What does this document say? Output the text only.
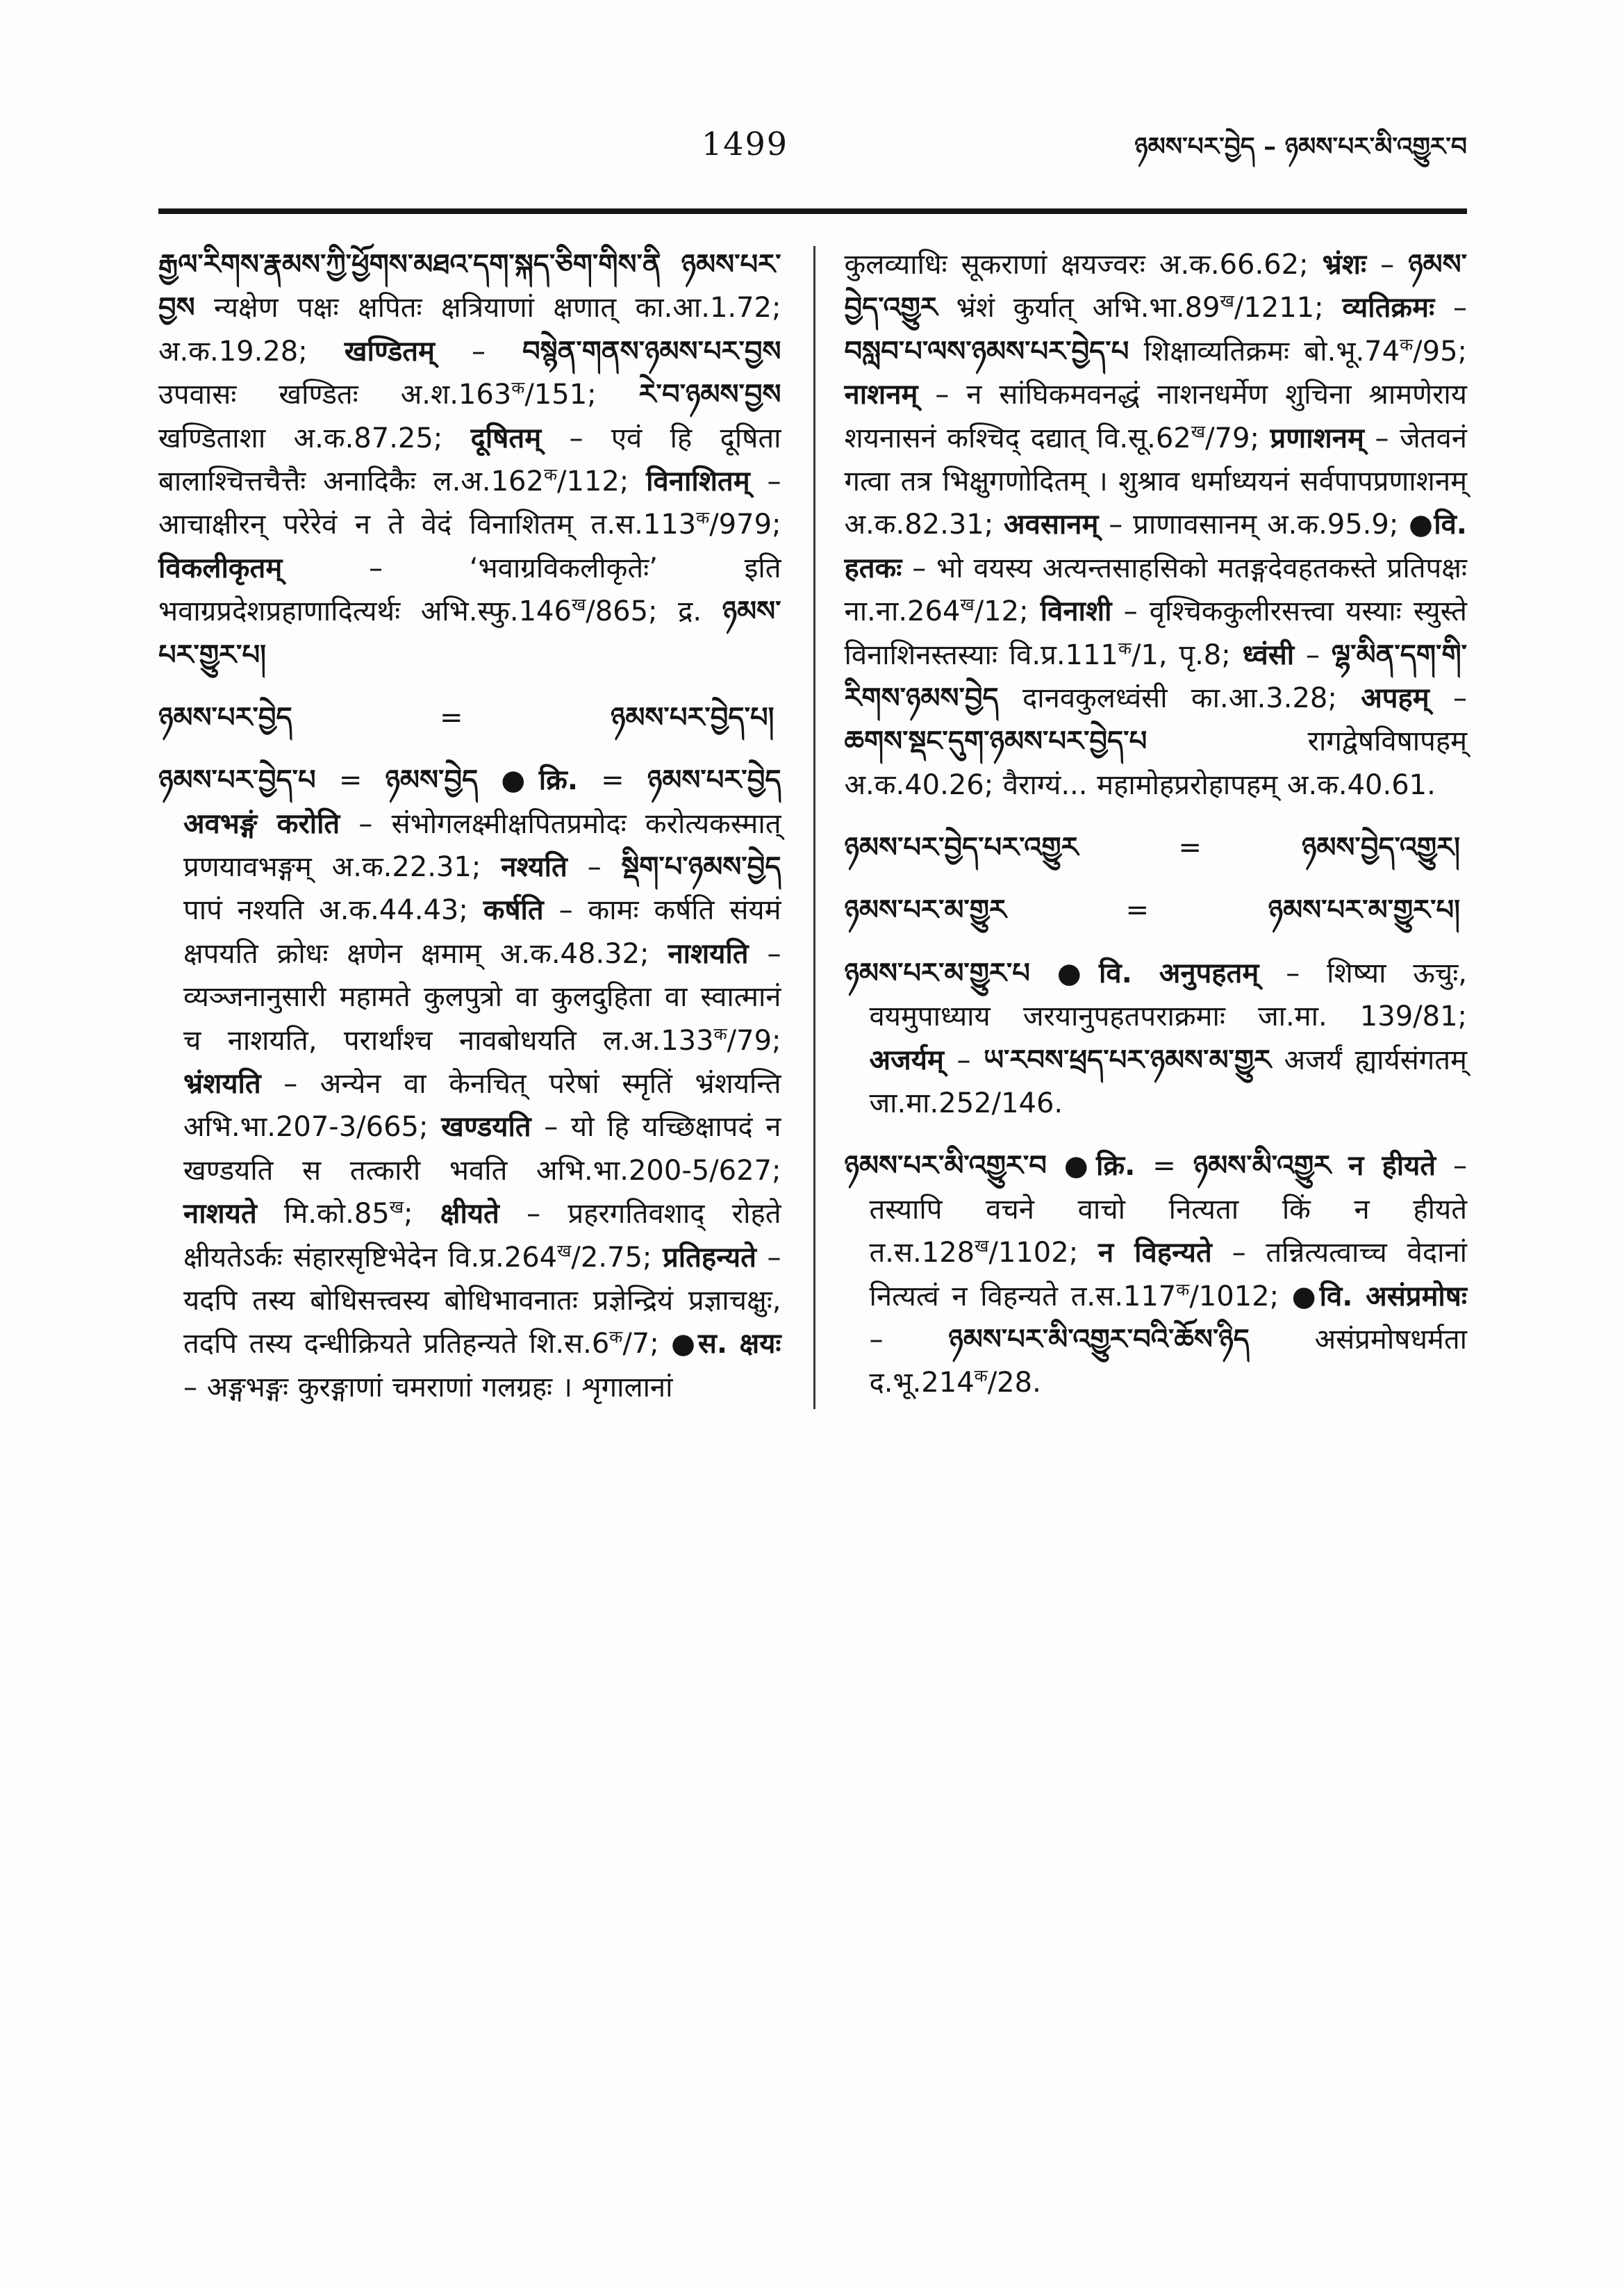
1499	ཉམས་པར་བྱེད – ཉམས་པར་མི་འགྱུར་བ

རྒྱལ་རིགས་རྣམས་ཀྱི་ཕྱོགས་མཐའ་དག་སྐད་ཅིག་གིས་ནི ཉམས་པར་བྱས न्यक्षेण पक्षः क्षपितः क्षत्रियाणां क्षणात् का.आ.1.72; अ.क.19.28; खण्डितम् – བསྙེན་གནས་ཉམས་པར་བྱས उपवासः खण्डितः $अ.श.163^क/151$; རེ་བ་ཉམས་བྱས खण्डिताशा अ.क.87.25; दूषितम् – एवं हि दूषिता बालाश्चित्तचैत्तैः अनादिकैः $ल.अ.162^क/112$; विनाशितम् – आचाक्षीरन् परेरेवं न ते वेदं विनाशितम् $त.स.113^क/979$; विकलीकृतम् – ‘भवाग्रविकलीकृतेः’ इति भवाग्रप्रदेशप्रहाणादित्यर्थः $अभि.स्फु.146^ख/865$; द्र. ཉམས་པར་གྱུར་པ།

ཉམས་པར་བྱེད = ཉམས་པར་བྱེད་པ།

ཉམས་པར་བྱེད་པ = ཉམས་བྱེད ●क्रि. = ཉམས་པར་བྱེད अवभङ्गं करोति – संभोगलक्ष्मीक्षपितप्रमोदः करोत्यकस्मात् प्रणयावभङ्गम् अ.क.22.31; नश्यति – སྡིག་པ་ཉམས་བྱེད पापं नश्यति अ.क.44.43; कर्षति – कामः कर्षति संयमं क्षपयति क्रोधः क्षणेन क्षमाम् अ.क.48.32; नाशयति – व्यञ्जनानुसारी महामते कुलपुत्रो वा कुलदुहिता वा स्वात्मानं च नाशयति, परार्थांश्च नावबोधयति $ल.अ.133^क/79$; भ्रंशयति – अन्येन वा केनचित् परेषां स्मृतिं भ्रंशयन्ति अभि.भा.207-3/665; खण्डयति – यो हि यच्छिक्षापदं न खण्डयति स तत्कारी भवति अभि.भा.200-5/627; नाशयते $मि.को.85^ख$; क्षीयते – प्रहरगतिवशाद् रोहते क्षीयतेऽर्कः संहारसृष्टिभेदेन $वि.प्र.264^ख/2.75$; प्रतिहन्यते – यदपि तस्य बोधिसत्त्वस्य बोधिभावनातः प्रज्ञेन्द्रियं प्रज्ञाचक्षुः, तदपि तस्य दन्धीक्रियते प्रतिहन्यते $शि.स.6^क/7$; ●स. क्षयः – अङ्गभङ्गः कुरङ्गाणां चमराणां गलग्रहः । शृगालानां

कुलव्याधिः सूकराणां क्षयज्वरः अ.क.66.62; भ्रंशः – ཉམས་བྱེད་འགྱུར भ्रंशं कुर्यात् $अभि.भा.89^ख/1211$; व्यतिक्रमः – བསླབ་པ་ལས་ཉམས་པར་བྱེད་པ शिक्षाव्यतिक्रमः $बो.भू.74^क/95$; नाशनम् – न सांघिकमवनद्धं नाशनधर्मेण शुचिना श्रामणेराय शयनासनं कश्चिद् दद्यात् $वि.सू.62^ख/79$; प्रणाशनम् – जेतवनं गत्वा तत्र भिक्षुगणोदितम् । शुश्राव धर्माध्ययनं सर्वपापप्रणाशनम् अ.क.82.31; अवसानम् – प्राणावसानम् अ.क.95.9; ●वि. हतकः – भो वयस्य अत्यन्तसाहसिको मतङ्गदेवहतकस्ते प्रतिपक्षः $ना.ना.264^ख/12$; विनाशी – वृश्चिककुलीरसत्त्वा यस्याः स्युस्ते विनाशिनस्तस्याः $वि.प्र.111^क/1$, पृ.8; ध्वंसी – ལྷ་མིན་དག་གི་རིགས་ཉམས་བྱེད दानवकुलध्वंसी का.आ.3.28; अपहम् – ཆགས་སྡང་དུག་ཉམས་པར་བྱེད་པ रागद्वेषविषापहम् अ.क.40.26; वैराग्यं... महामोहप्ररोहापहम् अ.क.40.61.

ཉམས་པར་བྱེད་པར་འགྱུར = ཉམས་བྱེད་འགྱུར།

ཉམས་པར་མ་གྱུར = ཉམས་པར་མ་གྱུར་པ།

ཉམས་པར་མ་གྱུར་པ ●वि. अनुपहतम् – शिष्या ऊचुः, वयमुपाध्याय जरयानुपहतपराक्रमाः जा.मा. 139/81; अजर्यम् – ཡ་རབས་ཕྲད་པར་ཉམས་མ་གྱུར अजर्यं ह्यार्यसंगतम् जा.मा.252/146.

ཉམས་པར་མི་འགྱུར་བ ●क्रि. = ཉམས་མི་འགྱུར न हीयते – तस्यापि वचने वाचो नित्यता किं न हीयते $त.स.128^ख/1102$; न विहन्यते – तन्नित्यत्वाच्च वेदानां नित्यत्वं न विहन्यते $त.स.117^क/1012$; ●वि. असंप्रमोषः – ཉམས་པར་མི་འགྱུར་བའི་ཆོས་ཉིད असंप्रमोषधर्मता $द.भू.214^क/28$.
